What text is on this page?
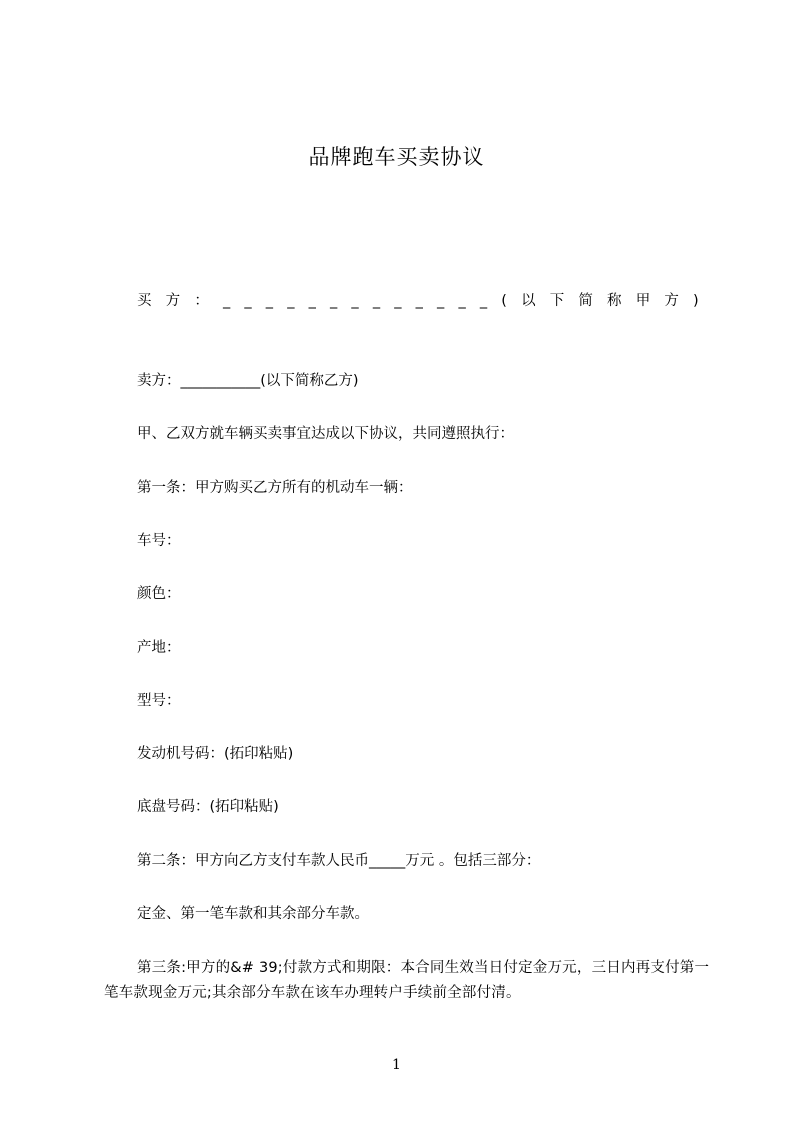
品牌跑车买卖协议
买 方 ： _ _ _ _ _ _ _ _ _ _ _ _ _ ( 以 下 简 称 甲 方 )
卖方：___________(以下简称乙方)
甲、乙双方就车辆买卖事宜达成以下协议，共同遵照执行：
第一条：甲方购买乙方所有的机动车一辆：
车号：
颜色：
产地：
型号：
发动机号码：(拓印粘贴)
底盘号码：(拓印粘贴)
第二条：甲方向乙方支付车款人民币_____万元 。包括三部分：
定金、第一笔车款和其余部分车款。
第三条:甲方的&# 39;付款方式和期限：本合同生效当日付定金万元，三日内再支付第一笔车款现金万元;其余部分车款在该车办理转户手续前全部付清。
1
